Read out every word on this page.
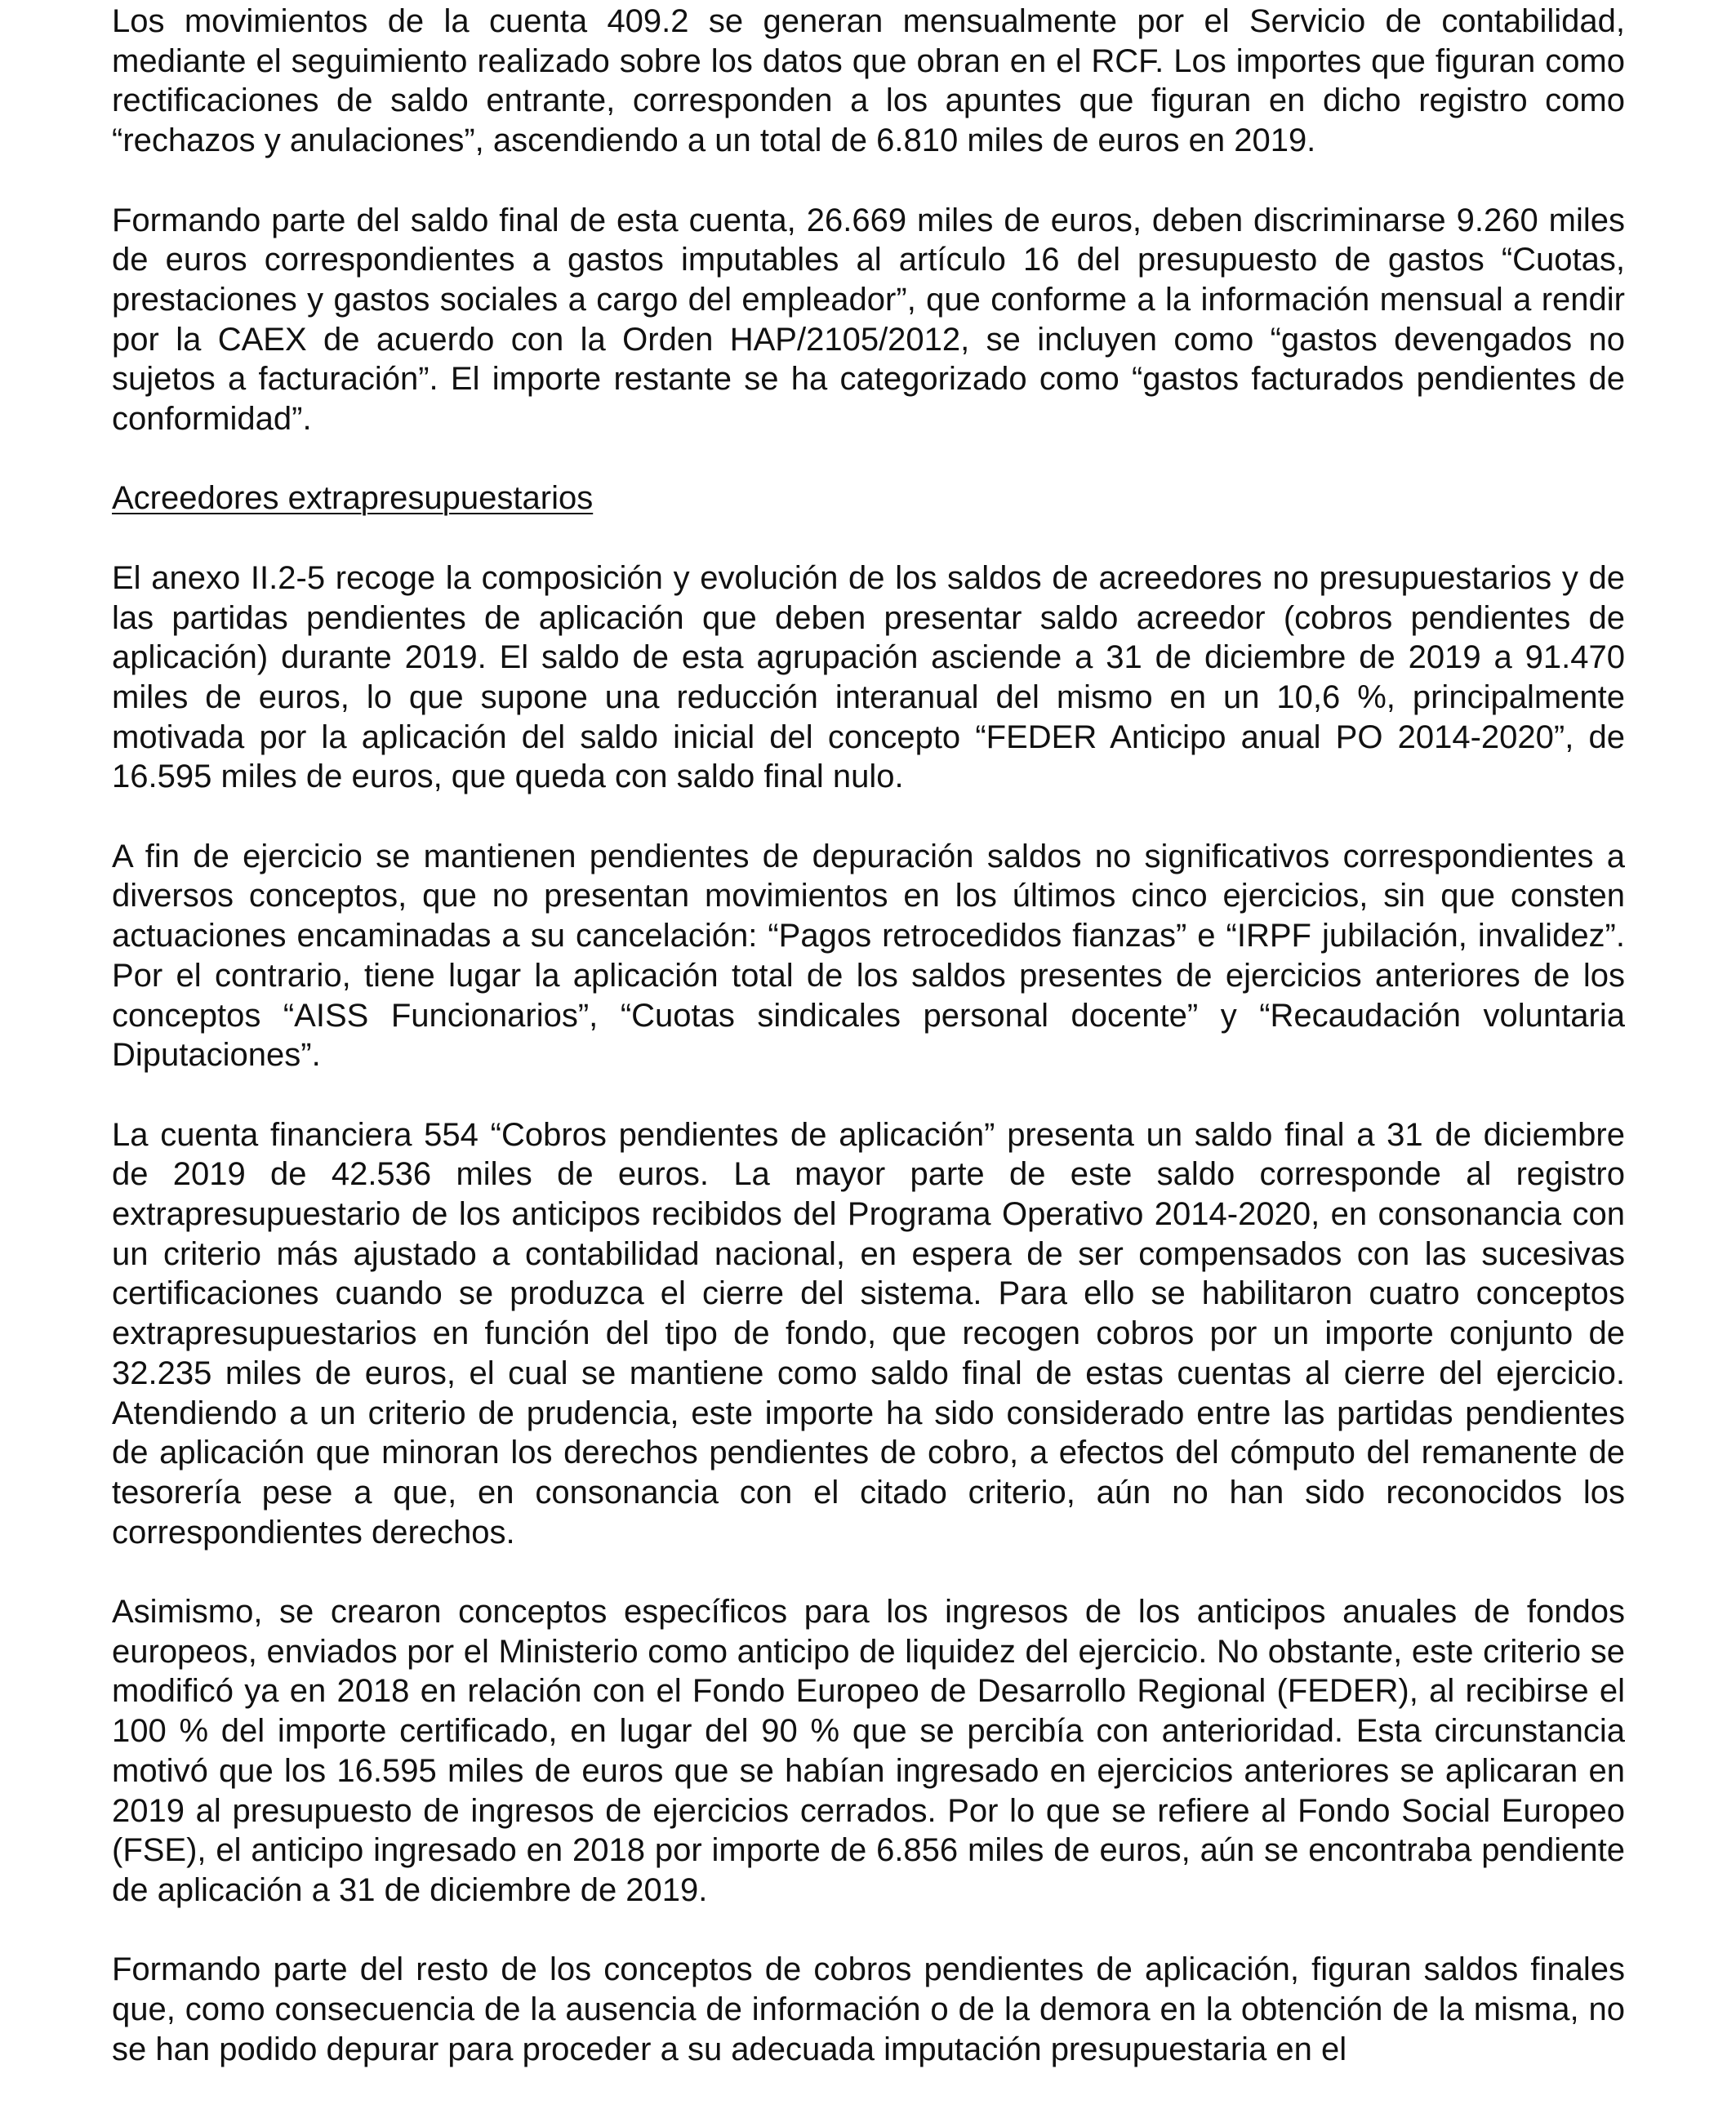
Los movimientos de la cuenta 409.2 se generan mensualmente por el Servicio de contabilidad, mediante el seguimiento realizado sobre los datos que obran en el RCF. Los importes que figuran como rectificaciones de saldo entrante, corresponden a los apuntes que figuran en dicho registro como “rechazos y anulaciones”, ascendiendo a un total de 6.810 miles de euros en 2019.

Formando parte del saldo final de esta cuenta, 26.669 miles de euros, deben discriminarse 9.260 miles de euros correspondientes a gastos imputables al artículo 16 del presupuesto de gastos “Cuotas, prestaciones y gastos sociales a cargo del empleador”, que conforme a la información mensual a rendir por la CAEX de acuerdo con la Orden HAP/2105/2012, se incluyen como “gastos devengados no sujetos a facturación”. El importe restante se ha categorizado como “gastos facturados pendientes de conformidad”.

Acreedores extrapresupuestarios

El anexo II.2-5 recoge la composición y evolución de los saldos de acreedores no presupuestarios y de las partidas pendientes de aplicación que deben presentar saldo acreedor (cobros pendientes de aplicación) durante 2019. El saldo de esta agrupación asciende a 31 de diciembre de 2019 a 91.470 miles de euros, lo que supone una reducción interanual del mismo en un 10,6 %, principalmente motivada por la aplicación del saldo inicial del concepto “FEDER Anticipo anual PO 2014-2020”, de 16.595 miles de euros, que queda con saldo final nulo.

A fin de ejercicio se mantienen pendientes de depuración saldos no significativos correspondientes a diversos conceptos, que no presentan movimientos en los últimos cinco ejercicios, sin que consten actuaciones encaminadas a su cancelación: “Pagos retrocedidos fianzas” e “IRPF jubilación, invalidez”. Por el contrario, tiene lugar la aplicación total de los saldos presentes de ejercicios anteriores de los conceptos “AISS Funcionarios”, “Cuotas sindicales personal docente” y “Recaudación voluntaria Diputaciones”.

La cuenta financiera 554 “Cobros pendientes de aplicación” presenta un saldo final a 31 de diciembre de 2019 de 42.536 miles de euros. La mayor parte de este saldo corresponde al registro extrapresupuestario de los anticipos recibidos del Programa Operativo 2014-2020, en consonancia con un criterio más ajustado a contabilidad nacional, en espera de ser compensados con las sucesivas certificaciones cuando se produzca el cierre del sistema. Para ello se habilitaron cuatro conceptos extrapresupuestarios en función del tipo de fondo, que recogen cobros por un importe conjunto de 32.235 miles de euros, el cual se mantiene como saldo final de estas cuentas al cierre del ejercicio. Atendiendo a un criterio de prudencia, este importe ha sido considerado entre las partidas pendientes de aplicación que minoran los derechos pendientes de cobro, a efectos del cómputo del remanente de tesorería pese a que, en consonancia con el citado criterio, aún no han sido reconocidos los correspondientes derechos.

Asimismo, se crearon conceptos específicos para los ingresos de los anticipos anuales de fondos europeos, enviados por el Ministerio como anticipo de liquidez del ejercicio. No obstante, este criterio se modificó ya en 2018 en relación con el Fondo Europeo de Desarrollo Regional (FEDER), al recibirse el 100 % del importe certificado, en lugar del 90 % que se percibía con anterioridad. Esta circunstancia motivó que los 16.595 miles de euros que se habían ingresado en ejercicios anteriores se aplicaran en 2019 al presupuesto de ingresos de ejercicios cerrados. Por lo que se refiere al Fondo Social Europeo (FSE), el anticipo ingresado en 2018 por importe de 6.856 miles de euros, aún se encontraba pendiente de aplicación a 31 de diciembre de 2019.

Formando parte del resto de los conceptos de cobros pendientes de aplicación, figuran saldos finales que, como consecuencia de la ausencia de información o de la demora en la obtención de la misma, no se han podido depurar para proceder a su adecuada imputación presupuestaria en el
